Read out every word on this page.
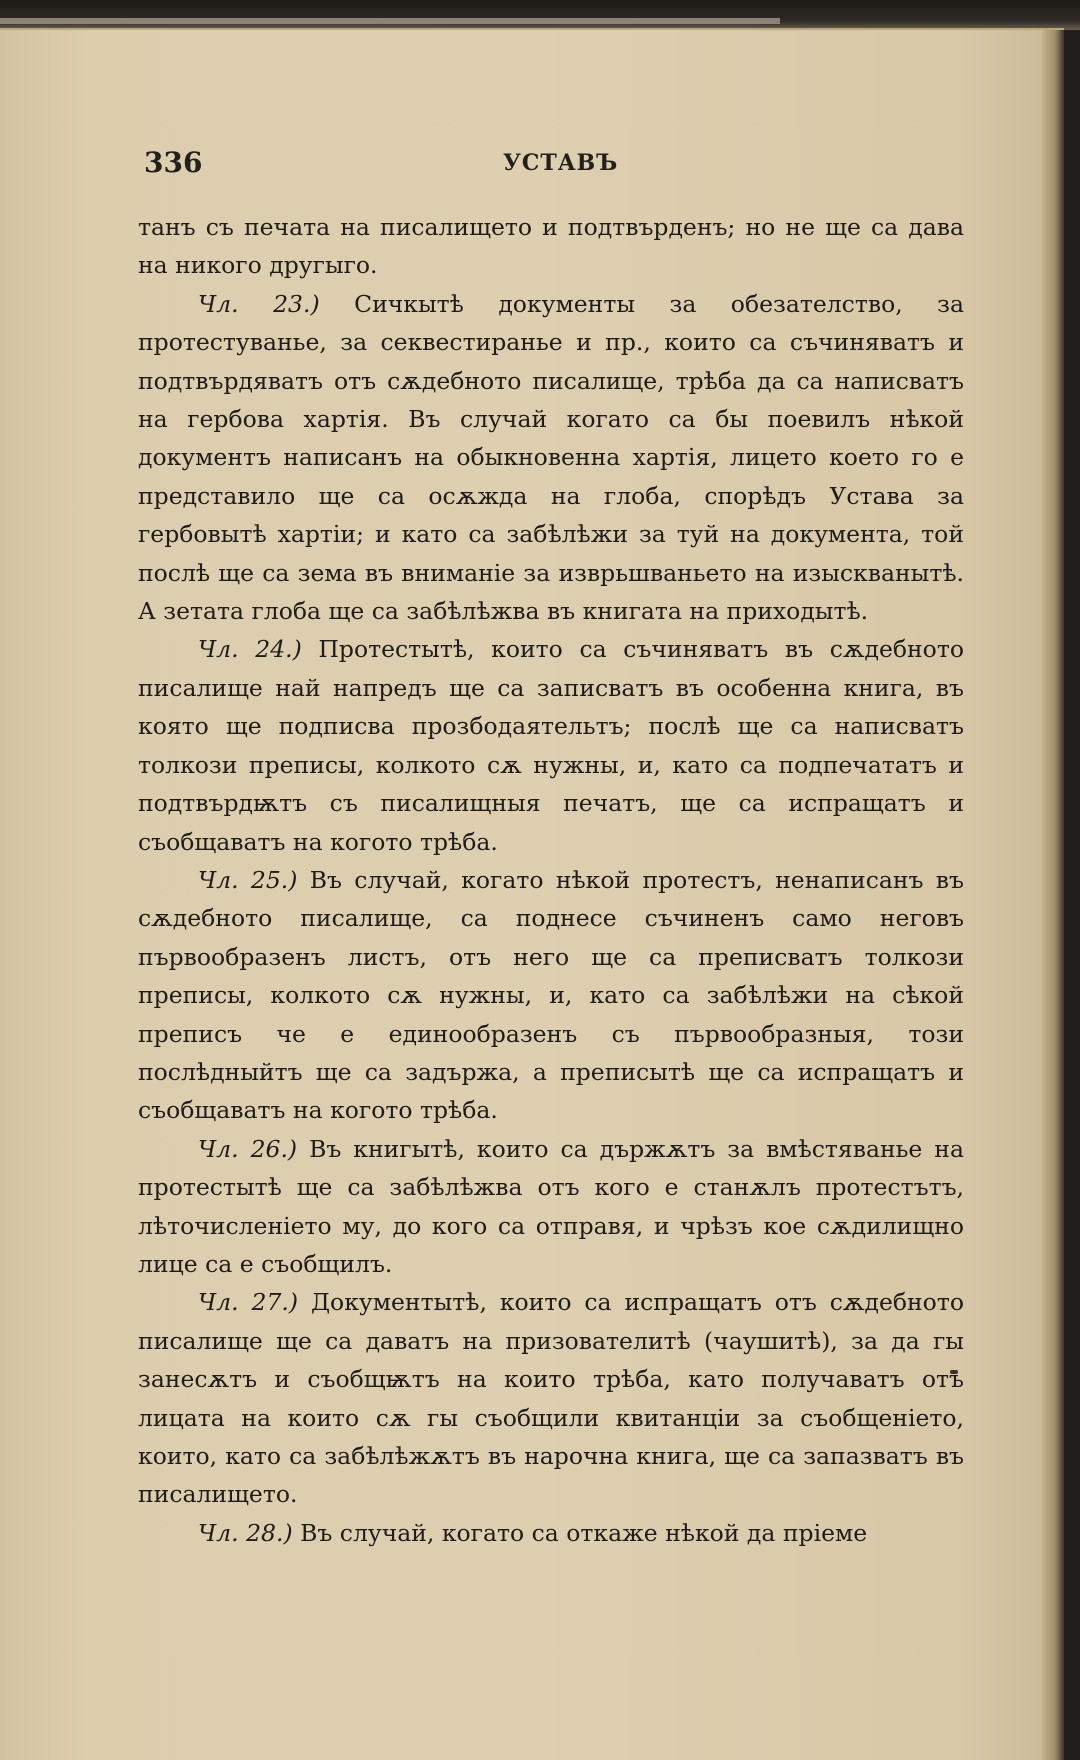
336	УСТАВЪ

танъ съ печата на писалището и подтвърденъ; но не ще са дава на никого другыго.

Чл. 23.) Сичкытѣ документы за обезателство, за протестуванье, за секвестиранье и пр., които са съчиняватъ и подтвърдяватъ отъ сѫдебното писалище, трѣба да са написватъ на гербова хартія. Въ случай когато са бы поевилъ нѣкой документъ написанъ на обыкновенна хартія, лицето което го е представило ще са осѫжда на глоба, спорѣдъ Устава за гербовытѣ хартіи; и като са забѣлѣжи за туй на документа, той послѣ ще са зема въ вниманіе за изврьшваньето на изыскванытѣ. А зетата глоба ще са забѣлѣжва въ книгата на приходытѣ.

Чл. 24.) Протестытѣ, които са съчиняватъ въ сѫдебното писалище най напредъ ще са записватъ въ особенна книга, въ която ще подписва прозбодаятельтъ; послѣ ще са написватъ толкози преписы, колкото сѫ нужны, и, като са подпечататъ и подтвърдѭтъ съ писалищныя печатъ, ще са испращатъ и съобщаватъ на когото трѣба.

Чл. 25.) Въ случай, когато нѣкой протестъ, ненаписанъ въ сѫдебното писалище, са поднесе съчиненъ само неговъ първообразенъ листъ, отъ него ще са преписватъ толкози преписы, колкото сѫ нужны, и, като са забѣлѣжи на сѣкой преписъ че е единообразенъ съ първообразныя, този послѣдныйтъ ще са задържа, а преписытѣ ще са испращатъ и съобщаватъ на когото трѣба.

Чл. 26.) Въ книгытѣ, които са държѫтъ за вмѣстяванье на протестытѣ ще са забѣлѣжва отъ кого е станѫлъ протестътъ, лѣточисленіето му, до кого са отправя, и чрѣзъ кое сѫдилищно лице са е съобщилъ.

Чл. 27.) Документытѣ, които са испращатъ отъ сѫдебното писалище ще са даватъ на призователитѣ (чаушитѣ), за да гы занесѫтъ и съобщѭтъ на които трѣба, като получаватъ отъ лицата на които сѫ гы съобщили квитанціи за съобщеніето, които, като са забѣлѣжѫтъ въ нарочна книга, ще са запазватъ въ писалището.

Чл. 28.) Въ случай, когато са откаже нѣкой да пріеме
